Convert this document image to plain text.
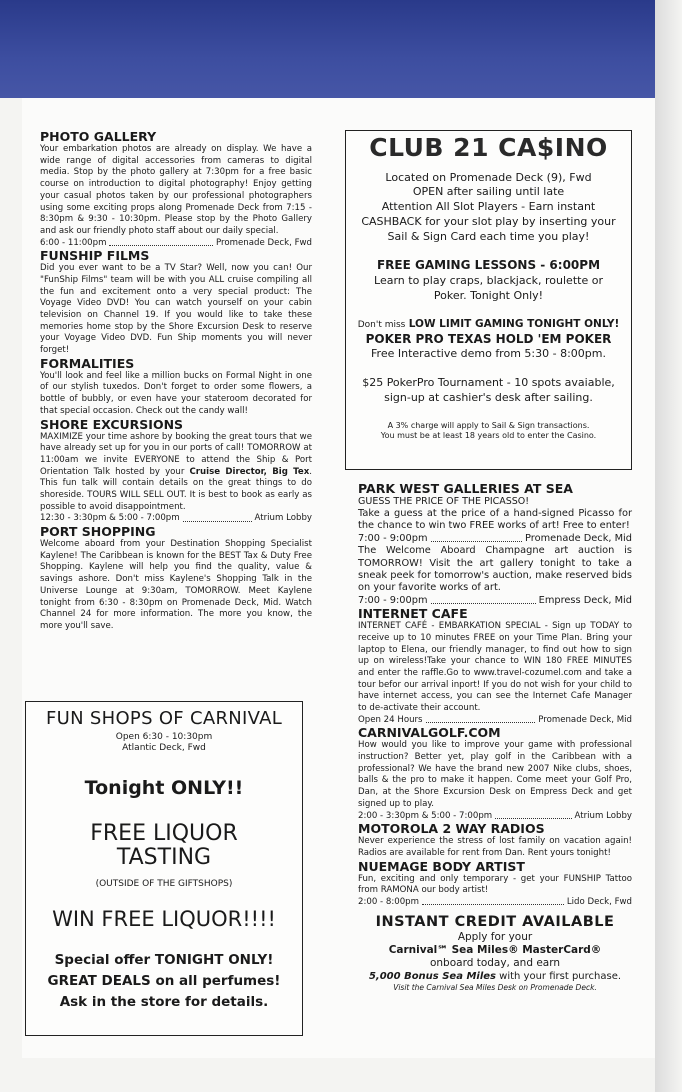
PHOTO GALLERY

Your embarkation photos are already on display. We have a wide range of digital accessories from cameras to digital media. Stop by the photo gallery at 7:30pm for a free basic course on introduction to digital photography! Enjoy getting your casual photos taken by our professional photographers using some exciting props along Promenade Deck from 7:15 - 8:30pm & 9:30 - 10:30pm. Please stop by the Photo Gallery and ask our friendly photo staff about our daily special.

6:00 - 11:00pm	Promenade Deck, Fwd
FUNSHIP FILMS

Did you ever want to be a TV Star? Well, now you can! Our "FunShip Films" team will be with you ALL cruise compiling all the fun and excitement onto a very special product: The Voyage Video DVD! You can watch yourself on your cabin television on Channel 19. If you would like to take these memories home stop by the Shore Excursion Desk to reserve your Voyage Video DVD. Fun Ship moments you will never forget!

FORMALITIES

You'll look and feel like a million bucks on Formal Night in one of our stylish tuxedos. Don't forget to order some flowers, a bottle of bubbly, or even have your stateroom decorated for that special occasion. Check out the candy wall!

SHORE EXCURSIONS

MAXIMIZE your time ashore by booking the great tours that we have already set up for you in our ports of call! TOMORROW at 11:00am we invite EVERYONE to attend the Ship & Port Orientation Talk hosted by your Cruise Director, Big Tex. This fun talk will contain details on the great things to do shoreside. TOURS WILL SELL OUT. It is best to book as early as possible to avoid disappointment.

12:30 - 3:30pm & 5:00 - 7:00pm	Atrium Lobby
PORT SHOPPING

Welcome aboard from your Destination Shopping Specialist Kaylene! The Caribbean is known for the BEST Tax & Duty Free Shopping. Kaylene will help you find the quality, value & savings ashore. Don't miss Kaylene's Shopping Talk in the Universe Lounge at 9:30am, TOMORROW. Meet Kaylene tonight from 6:30 - 8:30pm on Promenade Deck, Mid. Watch Channel 24 for more information. The more you know, the more you'll save.

FUN SHOPS OF CARNIVAL
Open 6:30 - 10:30pm
Atlantic Deck, Fwd
Tonight ONLY!!
FREE LIQUOR
TASTING
(OUTSIDE OF THE GIFTSHOPS)
WIN FREE LIQUOR!!!!
Special offer TONIGHT ONLY!
GREAT DEALS on all perfumes!
Ask in the store for details.
CLUB 21 CA$INO
Located on Promenade Deck (9), Fwd
OPEN after sailing until late
Attention All Slot Players - Earn instant CASHBACK for your slot play by inserting your Sail & Sign Card each time you play!
FREE GAMING LESSONS - 6:00PM
Learn to play craps, blackjack, roulette or Poker. Tonight Only!
Don't miss LOW LIMIT GAMING TONIGHT ONLY!
POKER PRO TEXAS HOLD 'EM POKER
Free Interactive demo from 5:30 - 8:00pm.
$25 PokerPro Tournament - 10 spots avaiable, sign-up at cashier's desk after sailing.
A 3% charge will apply to Sail & Sign transactions.
You must be at least 18 years old to enter the Casino.
PARK WEST GALLERIES AT SEA
GUESS THE PRICE OF THE PICASSO!

Take a guess at the price of a hand-signed Picasso for the chance to win two FREE works of art! Free to enter!

7:00 - 9:00pm	Promenade Deck, Mid

The Welcome Aboard Champagne art auction is TOMORROW! Visit the art gallery tonight to take a sneak peek for tomorrow's auction, make reserved bids on your favorite works of art.

7:00 - 9:00pm	Empress Deck, Mid
INTERNET CAFE

INTERNET CAFÉ - EMBARKATION SPECIAL - Sign up TODAY to receive up to 10 minutes FREE on your Time Plan. Bring your laptop to Elena, our friendly manager, to find out how to sign up on wireless!Take your chance to WIN 180 FREE MINUTES and enter the raffle.Go to www.travel-cozumel.com and take a tour befor our arrival inport! If you do not wish for your child to have internet access, you can see the Internet Cafe Manager to de-activate their account.

Open 24 Hours	Promenade Deck, Mid
CARNIVALGOLF.COM

How would you like to improve your game with professional instruction? Better yet, play golf in the Caribbean with a professional? We have the brand new 2007 Nike clubs, shoes, balls & the pro to make it happen. Come meet your Golf Pro, Dan, at the Shore Excursion Desk on Empress Deck and get signed up to play.

2:00 - 3:30pm & 5:00 - 7:00pm	Atrium Lobby
MOTOROLA 2 WAY RADIOS

Never experience the stress of lost family on vacation again! Radios are available for rent from Dan. Rent yours tonight!

NUEMAGE BODY ARTIST

Fun, exciting and only temporary - get your FUNSHIP Tattoo from RAMONA our body artist!

2:00 - 8:00pm	Lido Deck, Fwd
INSTANT CREDIT AVAILABLE
Apply for your
Carnival℠ Sea Miles® MasterCard®
onboard today, and earn
5,000 Bonus Sea Miles with your first purchase.
Visit the Carnival Sea Miles Desk on Promenade Deck.
